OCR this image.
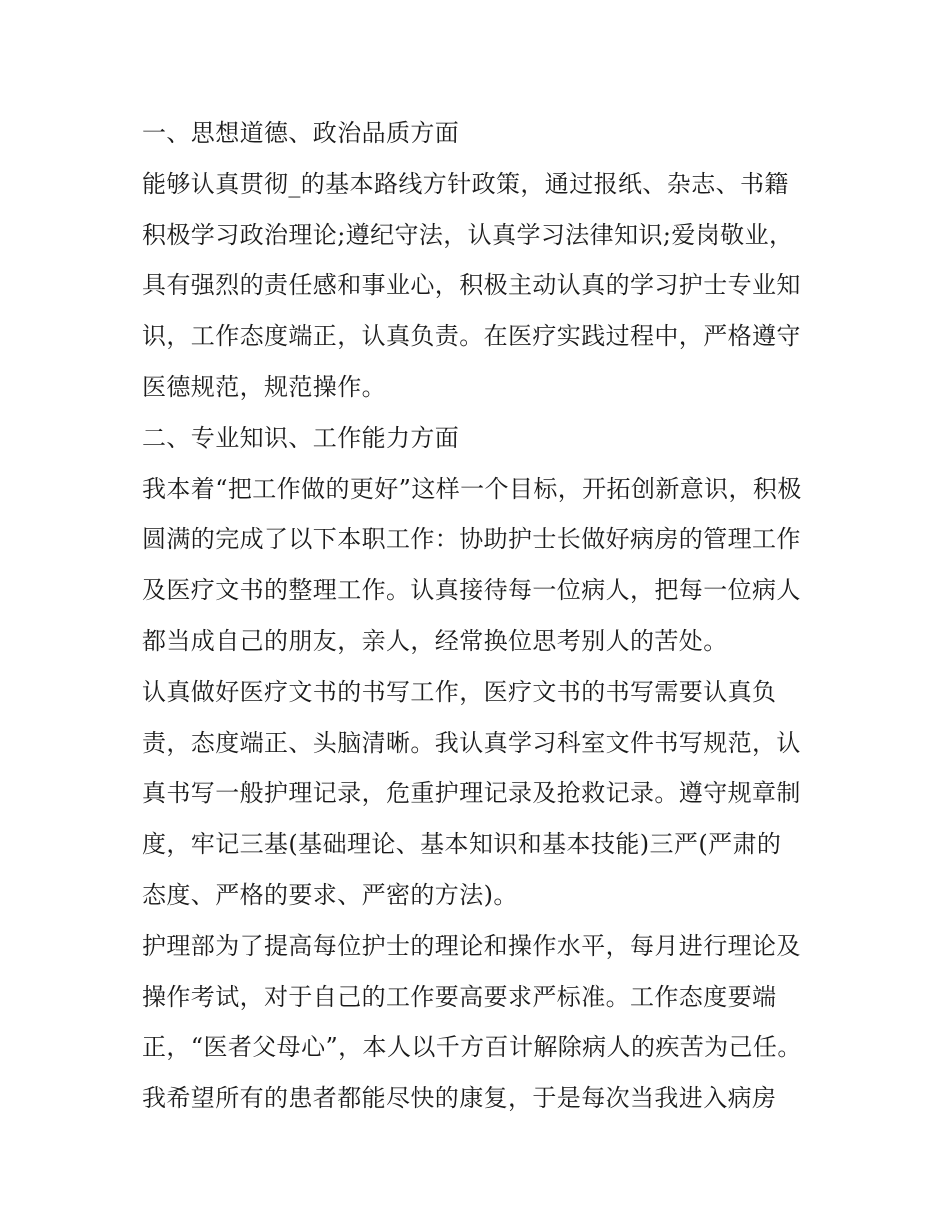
一、思想道德、政治品质方面
能够认真贯彻_的基本路线方针政策，通过报纸、杂志、书籍
积极学习政治理论;遵纪守法，认真学习法律知识;爱岗敬业，
具有强烈的责任感和事业心，积极主动认真的学习护士专业知
识，工作态度端正，认真负责。在医疗实践过程中，严格遵守
医德规范，规范操作。
二、专业知识、工作能力方面
我本着“把工作做的更好”这样一个目标，开拓创新意识，积极
圆满的完成了以下本职工作：协助护士长做好病房的管理工作
及医疗文书的整理工作。认真接待每一位病人，把每一位病人
都当成自己的朋友，亲人，经常换位思考别人的苦处。
认真做好医疗文书的书写工作，医疗文书的书写需要认真负
责，态度端正、头脑清晰。我认真学习科室文件书写规范，认
真书写一般护理记录，危重护理记录及抢救记录。遵守规章制
度，牢记三基(基础理论、基本知识和基本技能)三严(严肃的
态度、严格的要求、严密的方法)。
护理部为了提高每位护士的理论和操作水平，每月进行理论及
操作考试，对于自己的工作要高要求严标准。工作态度要端
正，“医者父母心”，本人以千方百计解除病人的疾苦为己任。
我希望所有的患者都能尽快的康复，于是每次当我进入病房
